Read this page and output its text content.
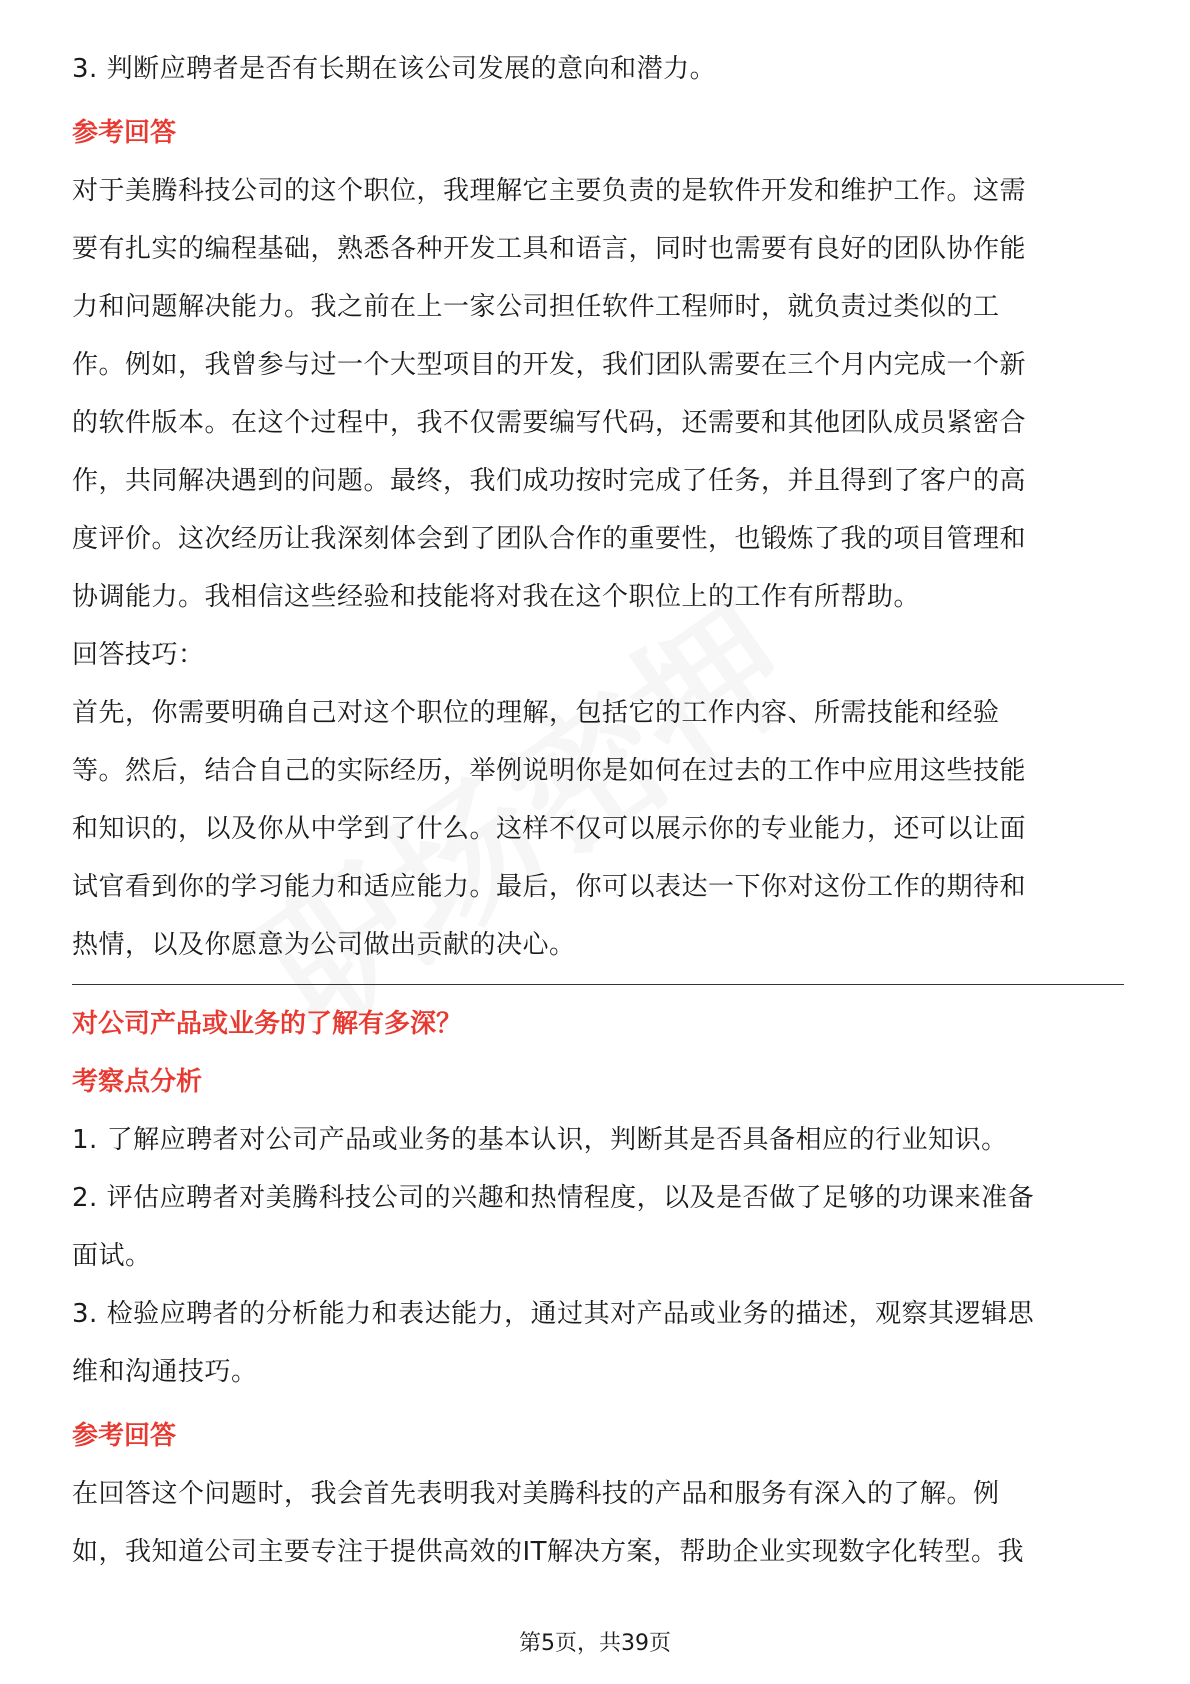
3. 判断应聘者是否有长期在该公司发展的意向和潜力。
参考回答
对于美腾科技公司的这个职位，我理解它主要负责的是软件开发和维护工作。这需
要有扎实的编程基础，熟悉各种开发工具和语言，同时也需要有良好的团队协作能
力和问题解决能力。我之前在上一家公司担任软件工程师时，就负责过类似的工
作。例如，我曾参与过一个大型项目的开发，我们团队需要在三个月内完成一个新
的软件版本。在这个过程中，我不仅需要编写代码，还需要和其他团队成员紧密合
作，共同解决遇到的问题。最终，我们成功按时完成了任务，并且得到了客户的高
度评价。这次经历让我深刻体会到了团队合作的重要性，也锻炼了我的项目管理和
协调能力。我相信这些经验和技能将对我在这个职位上的工作有所帮助。
回答技巧：
首先，你需要明确自己对这个职位的理解，包括它的工作内容、所需技能和经验
等。然后，结合自己的实际经历，举例说明你是如何在过去的工作中应用这些技能
和知识的，以及你从中学到了什么。这样不仅可以展示你的专业能力，还可以让面
试官看到你的学习能力和适应能力。最后，你可以表达一下你对这份工作的期待和
热情，以及你愿意为公司做出贡献的决心。
对公司产品或业务的了解有多深？
考察点分析
1. 了解应聘者对公司产品或业务的基本认识，判断其是否具备相应的行业知识。
2. 评估应聘者对美腾科技公司的兴趣和热情程度，以及是否做了足够的功课来准备
面试。
3. 检验应聘者的分析能力和表达能力，通过其对产品或业务的描述，观察其逻辑思
维和沟通技巧。
参考回答
在回答这个问题时，我会首先表明我对美腾科技的产品和服务有深入的了解。例
如，我知道公司主要专注于提供高效的IT解决方案，帮助企业实现数字化转型。我
第5页，共39页
